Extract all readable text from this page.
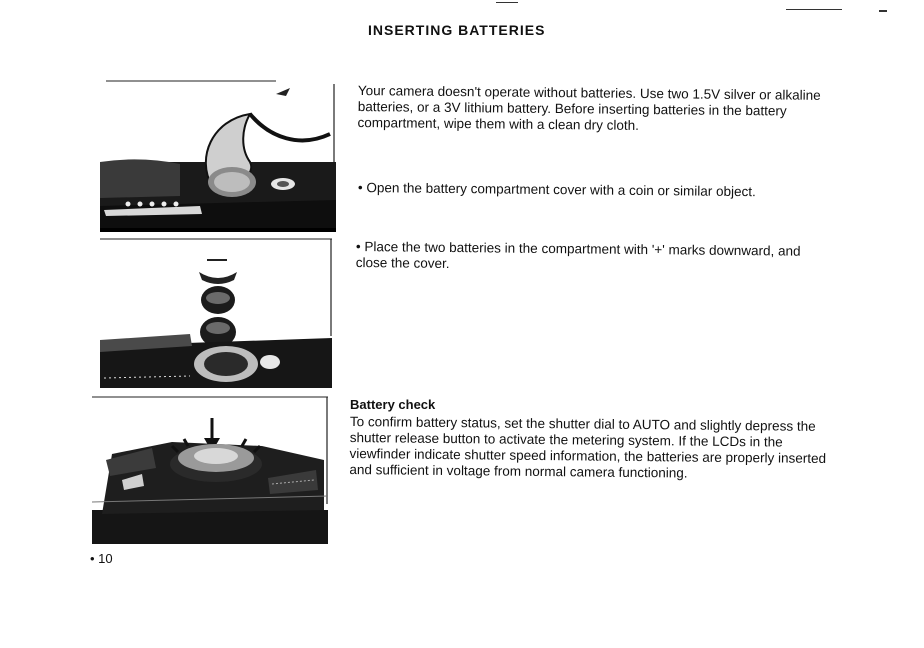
INSERTING BATTERIES

Your camera doesn't operate without batteries. Use two 1.5V silver or alkaline batteries, or a 3V lithium battery. Before inserting batteries in the battery compartment, wipe them with a clean dry cloth.

• Open the battery compartment cover with a coin or similar object.

• Place the two batteries in the compartment with '+' marks downward, and close the cover.

Battery check

To confirm battery status, set the shutter dial to AUTO and slightly depress the shutter release button to activate the metering system. If the LCDs in the viewfinder indicate shutter speed information, the batteries are properly inserted and sufficient in voltage from normal camera functioning.

• 10
